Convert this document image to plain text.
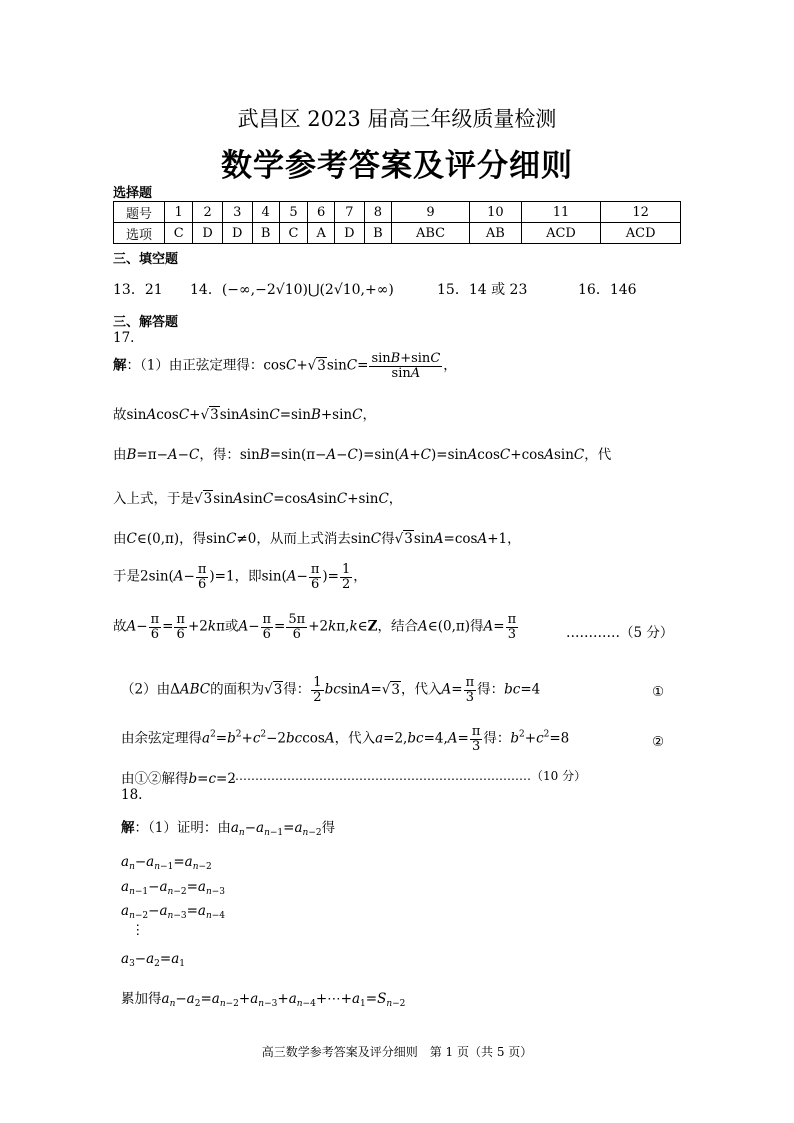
武昌区 2023 届高三年级质量检测
数学参考答案及评分细则
选择题
题号	1	2	3	4	5	6	7	8	9	10	11	12
选项	C	D	D	B	C	A	D	B	ABC	AB	ACD	ACD
三、填空题
13．21 14．(−∞,−2√10)⋃(2√10,+∞)	15．14 或 23	16．146
三、解答题
17.
解：（1）由正弦定理得：$\cos C+√3\sin C= \frac{\sin B+\sin C}{\sin A}$ ，
故sinAcosC+√3sinAsinC=sinB+sinC，
由B=π−A−C，得：sinB=sin(π−A−C)=sin(A+C)=sinAcosC+cosAsinC，代
入上式，于是√3sinAsinC=cosAsinC+sinC，
由C∈(0,π)，得sinC≠0，从而上式消去sinC得√3sinA=cosA+1，
于是$2\sin(A- \frac{\pi}{6} )=1$，即$\sin(A- \frac{\pi}{6}$ )= $\frac{1}{2}$ ，
故$A- \frac{\pi}{6} = \frac{\pi}{6} +2k\pi$或$A- \frac{\pi}{6} = \frac{5\pi}{6}$ +2kπ,k∈Z，结合A∈(0,π)得$A= \frac{\pi}{3}$	…………（5 分）
（2）由ΔABC的面积为√3得： $\frac{1}{2} bcsinA=√3$，代入$A= \frac{\pi}{3}$ 得：bc=4	①
由余弦定理得$a^2=b^2+c^2-2bccosA$，代入$a=2,bc=4,A= \frac{\pi}{3}$ 得：$b^2+c^2=8$	②
由①②解得b=c=2
…………………………………………………………………（10 分）
18.
解：（1）证明：由$a_n-a_{n-1}=a_{n-2}$得
$a_n-a_{n-1}=a_{n-2}$
$a_{n-1}-a_{n-2}=a_{n-3}$
$a_{n-2}-a_{n-3}=a_{n-4}$
⋮
$a_3-a_2=a_1$
累加得$a_n-a_2=a_{n-2}+a_{n-3}+a_{n-4}+\cdots+a_1=S_{n-2}$
高三数学参考答案及评分细则　第 1 页（共 5 页）
